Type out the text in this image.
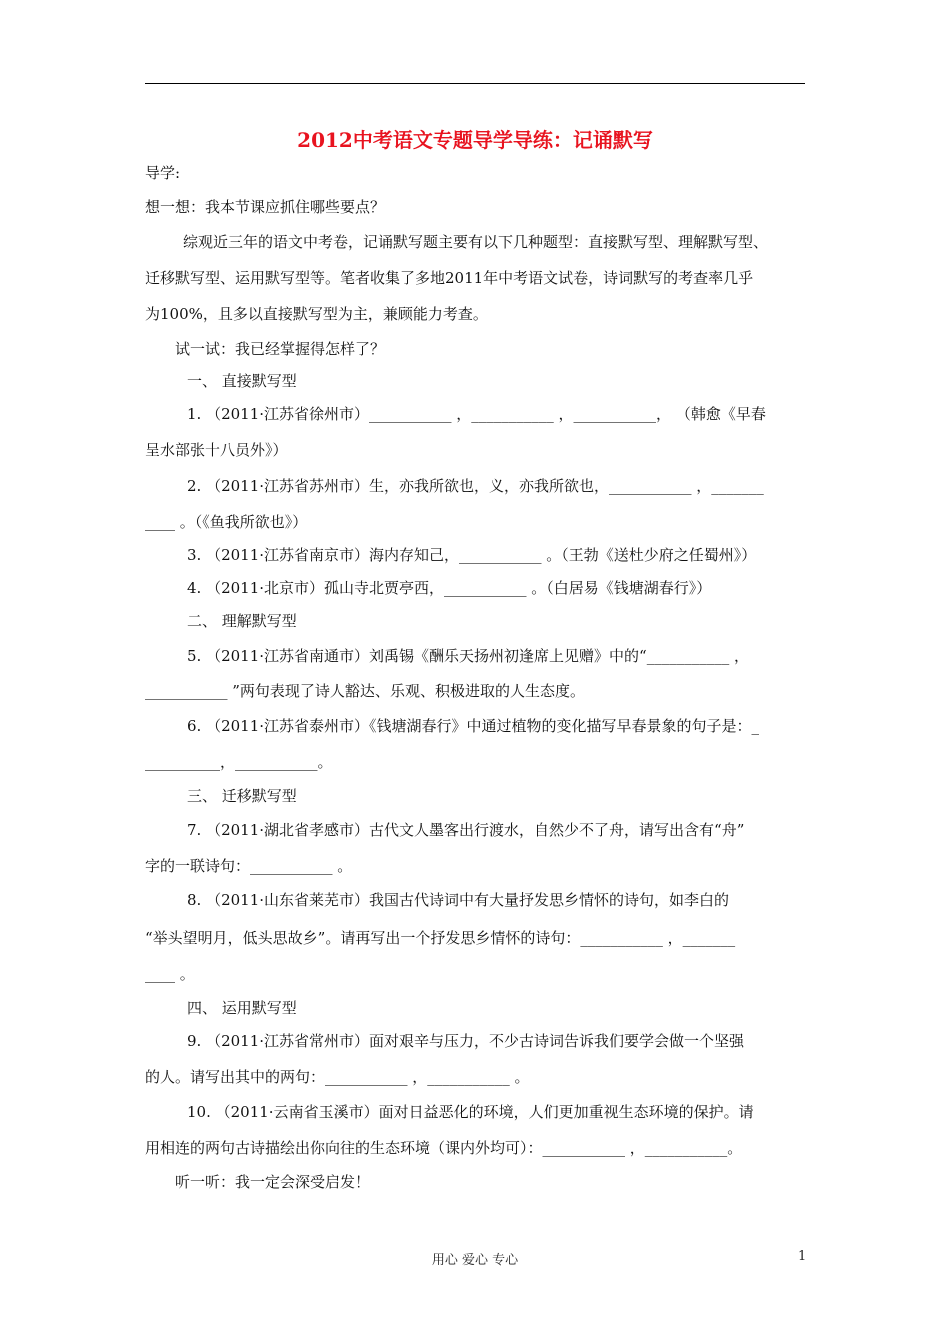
2012中考语文专题导学导练：记诵默写
导学:
想一想：我本节课应抓住哪些要点？
综观近三年的语文中考卷，记诵默写题主要有以下几种题型：直接默写型、理解默写型、
迁移默写型、运用默写型等。笔者收集了多地2011年中考语文试卷，诗词默写的考查率几乎
为100%，且多以直接默写型为主，兼顾能力考查。
试一试：我已经掌握得怎样了？
一、 直接默写型
1. （2011·江苏省徐州市）___________ ，___________ ，___________， （韩愈《早春
呈水部张十八员外》）
2. （2011·江苏省苏州市）生，亦我所欲也，义，亦我所欲也，___________ ，_______
____ 。（《鱼我所欲也》）
3. （2011·江苏省南京市）海内存知己，___________ 。（王勃《送杜少府之任蜀州》）
4. （2011·北京市）孤山寺北贾亭西，___________ 。（白居易《钱塘湖春行》）
二、 理解默写型
5. （2011·江苏省南通市）刘禹锡《酬乐天扬州初逢席上见赠》中的“___________ ，
___________ ”两句表现了诗人豁达、乐观、积极进取的人生态度。
6. （2011·江苏省泰州市）《钱塘湖春行》中通过植物的变化描写早春景象的句子是：_
__________，___________。
三、 迁移默写型
7. （2011·湖北省孝感市）古代文人墨客出行渡水，自然少不了舟，请写出含有“舟”
字的一联诗句：___________ 。
8. （2011·山东省莱芜市）我国古代诗词中有大量抒发思乡情怀的诗句，如李白的
“举头望明月，低头思故乡”。请再写出一个抒发思乡情怀的诗句：___________ ，_______
____ 。
四、 运用默写型
9. （2011·江苏省常州市）面对艰辛与压力，不少古诗词告诉我们要学会做一个坚强
的人。请写出其中的两句：___________ ，___________ 。
10. （2011·云南省玉溪市）面对日益恶化的环境，人们更加重视生态环境的保护。请
用相连的两句古诗描绘出你向往的生态环境（课内外均可）：___________ ，___________。
听一听：我一定会深受启发！
用心 爱心 专心	1
